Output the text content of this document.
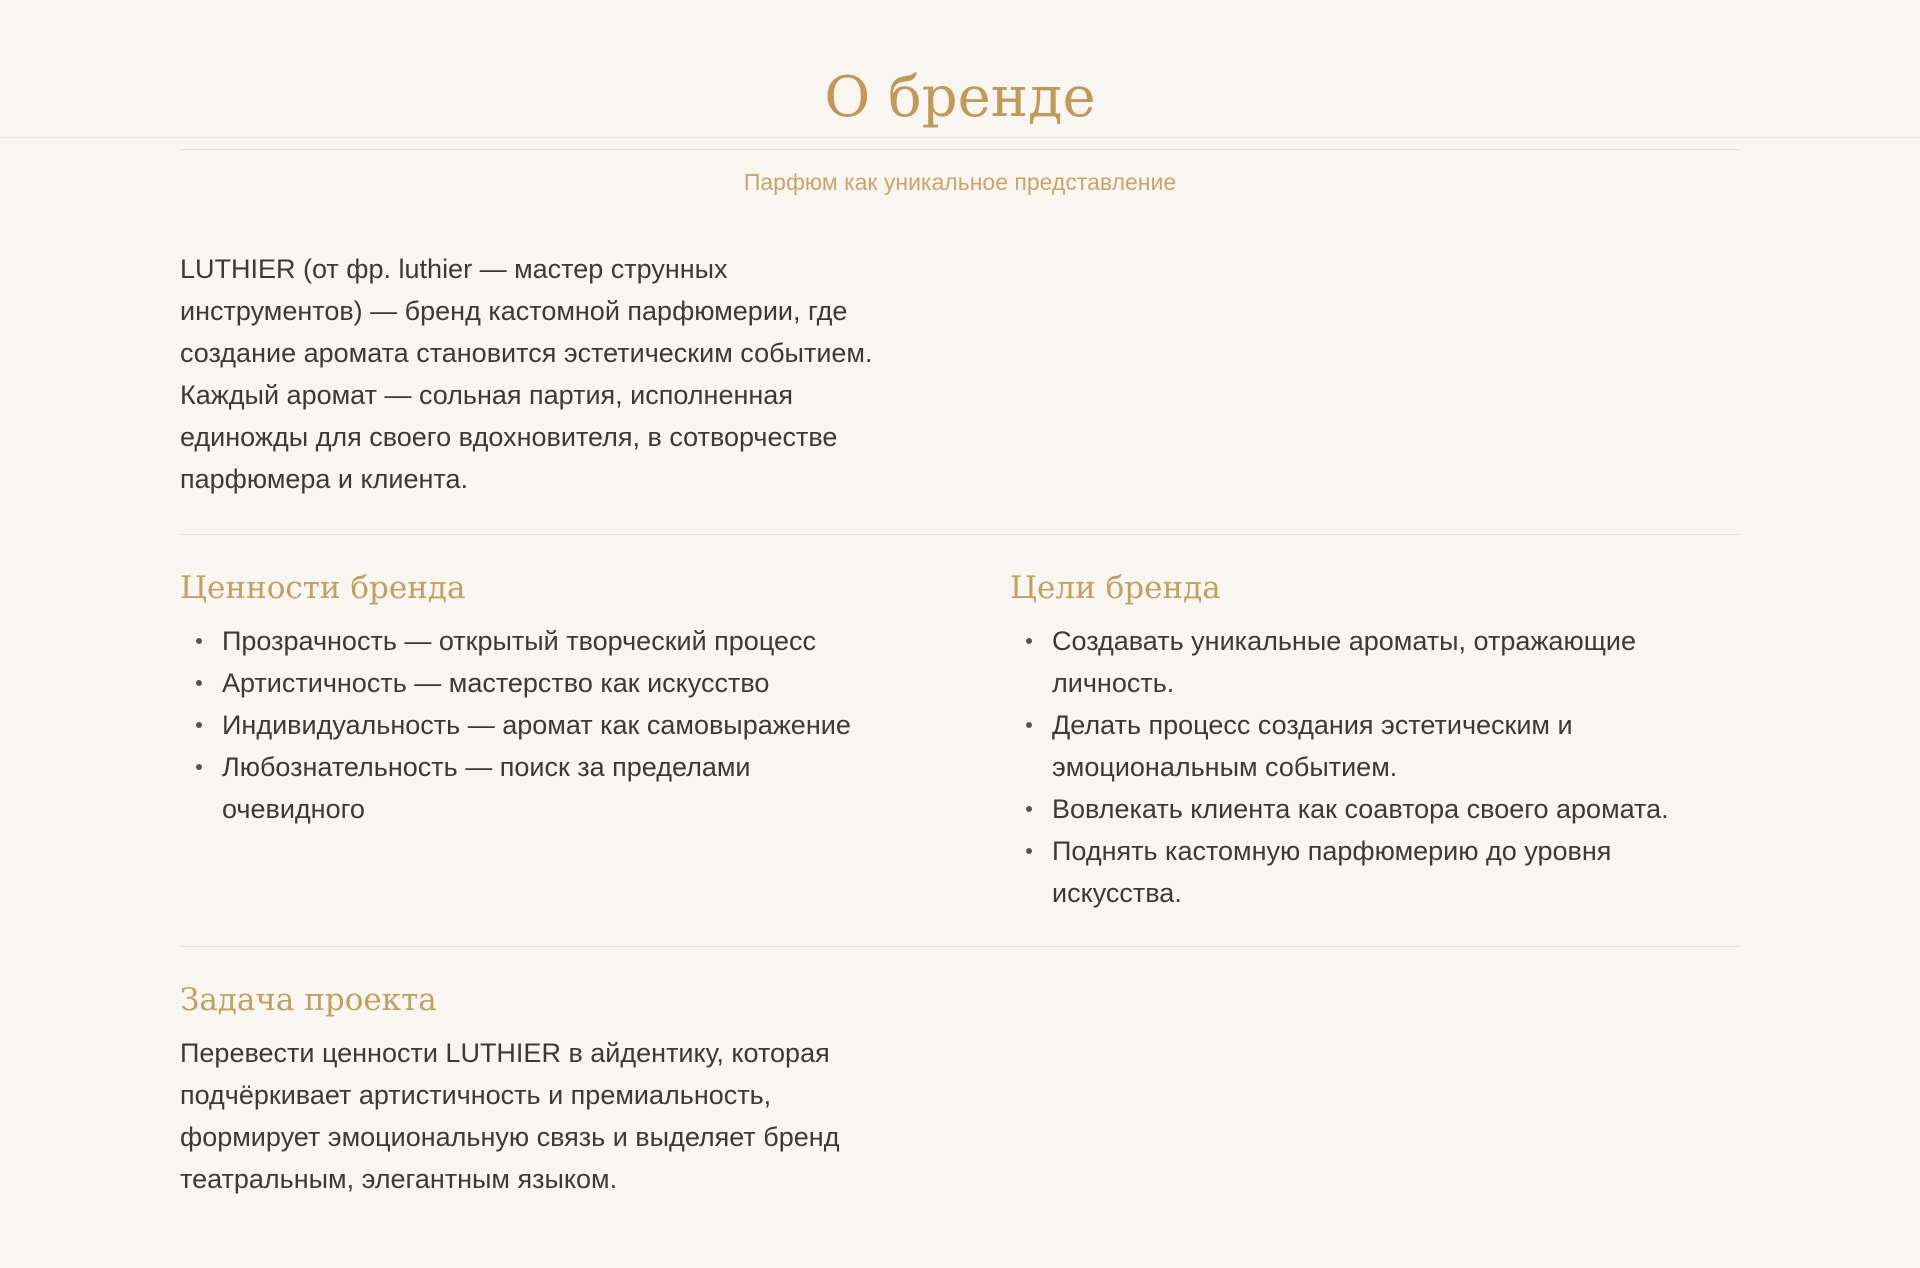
О бренде
Парфюм как уникальное представление

LUTHIER (от фр. luthier — мастер струнных инструментов) — бренд кастомной парфюмерии, где создание аромата становится эстетическим событием. Каждый аромат — сольная партия, исполненная единожды для своего вдохновителя, в сотворчестве парфюмера и клиента.

Ценности бренда
Прозрачность — открытый творческий процесс
Артистичность — мастерство как искусство
Индивидуальность — аромат как самовыражение
Любознательность — поиск за пределами очевидного
Цели бренда
Создавать уникальные ароматы, отражающие личность.
Делать процесс создания эстетическим и эмоциональным событием.
Вовлекать клиента как соавтора своего аромата.
Поднять кастомную парфюмерию до уровня искусства.
Задача проекта

Перевести ценности LUTHIER в айдентику, которая подчёркивает артистичность и премиальность, формирует эмоциональную связь и выделяет бренд театральным, элегантным языком.
